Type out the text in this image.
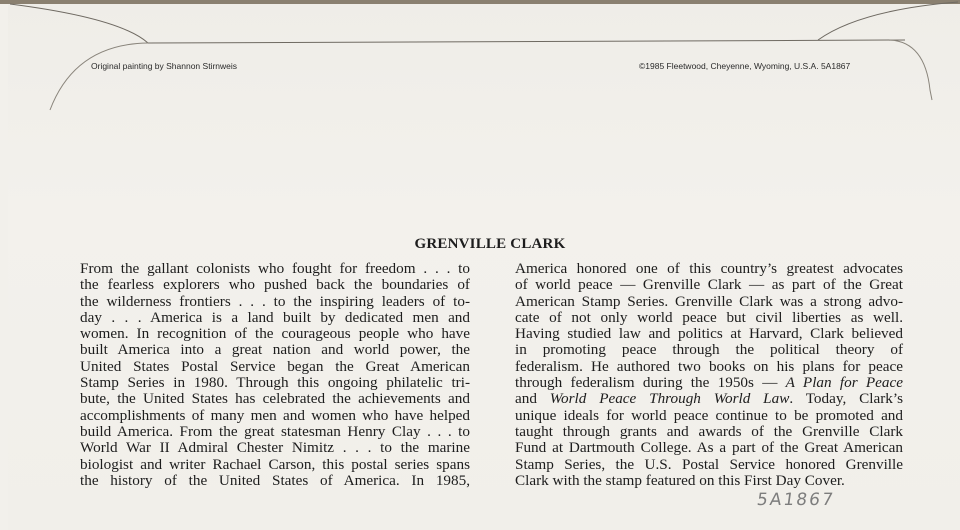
Original painting by Shannon Stirnweis	©1985 Fleetwood, Cheyenne, Wyoming, U.S.A. 5A1867
GRENVILLE CLARK
From the gallant colonists who fought for freedom . . . to
the fearless explorers who pushed back the boundaries of
the wilderness frontiers . . . to the inspiring leaders of to-
day . . . America is a land built by dedicated men and
women. In recognition of the courageous people who have
built America into a great nation and world power, the
United States Postal Service began the Great American
Stamp Series in 1980. Through this ongoing philatelic tri-
bute, the United States has celebrated the achievements and
accomplishments of many men and women who have helped
build America. From the great statesman Henry Clay . . . to
World War II Admiral Chester Nimitz . . . to the marine
biologist and writer Rachael Carson, this postal series spans
the history of the United States of America. In 1985,
America honored one of this country’s greatest advocates
of world peace — Grenville Clark — as part of the Great
American Stamp Series. Grenville Clark was a strong advo-
cate of not only world peace but civil liberties as well.
Having studied law and politics at Harvard, Clark believed
in promoting peace through the political theory of
federalism. He authored two books on his plans for peace
through federalism during the 1950s — A Plan for Peace
and World Peace Through World Law. Today, Clark’s
unique ideals for world peace continue to be promoted and
taught through grants and awards of the Grenville Clark
Fund at Dartmouth College. As a part of the Great American
Stamp Series, the U.S. Postal Service honored Grenville
Clark with the stamp featured on this First Day Cover.
5A1867
